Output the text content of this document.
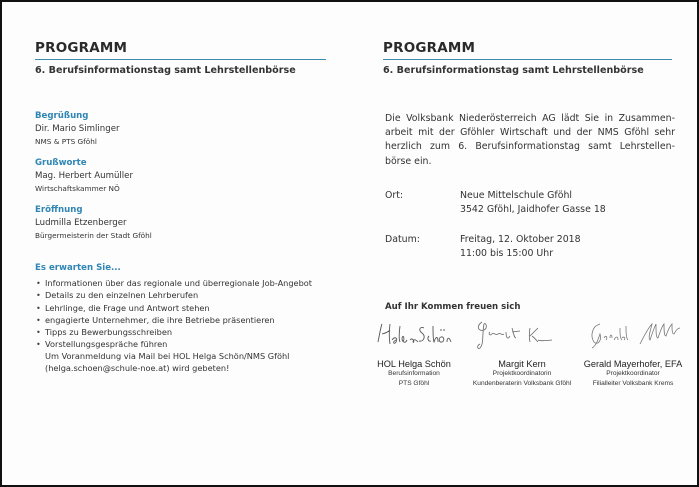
PROGRAMM
6. Berufsinformationstag samt Lehrstellenbörse
Begrüßung
Dir. Mario Simlinger
NMS & PTS Gföhl
Grußworte
Mag. Herbert Aumüller
Wirtschaftskammer NÖ
Eröffnung
Ludmilla Etzenberger
Bürgermeisterin der Stadt Gföhl
Es erwarten Sie...
• Informationen über das regionale und überregionale Job-Angebot
• Details zu den einzelnen Lehrberufen
• Lehrlinge, die Frage und Antwort stehen
• engagierte Unternehmer, die ihre Betriebe präsentieren
• Tipps zu Bewerbungsschreiben
• Vorstellungsgespräche führen
Um Voranmeldung via Mail bei HOL Helga Schön/NMS Gföhl
(helga.schoen@schule-noe.at) wird gebeten!
PROGRAMM
6. Berufsinformationstag samt Lehrstellenbörse
Die Volksbank Niederösterreich AG lädt Sie in Zusammen-
arbeit mit der Gföhler Wirtschaft und der NMS Gföhl sehr
herzlich zum 6. Berufsinformationstag samt Lehrstellen-
börse ein.
Ort:	Neue Mittelschule Gföhl
3542 Gföhl, Jaidhofer Gasse 18
Datum:	Freitag, 12. Oktober 2018
11:00 bis 15:00 Uhr
Auf Ihr Kommen freuen sich
HOL Helga Schön
Berufsinformation
PTS Gföhl
Margit Kern
Projektkoordinatorin
Kundenberaterin Volksbank Gföhl
Gerald Mayerhofer, EFA
Projektkoordinator
Filialleiter Volksbank Krems
